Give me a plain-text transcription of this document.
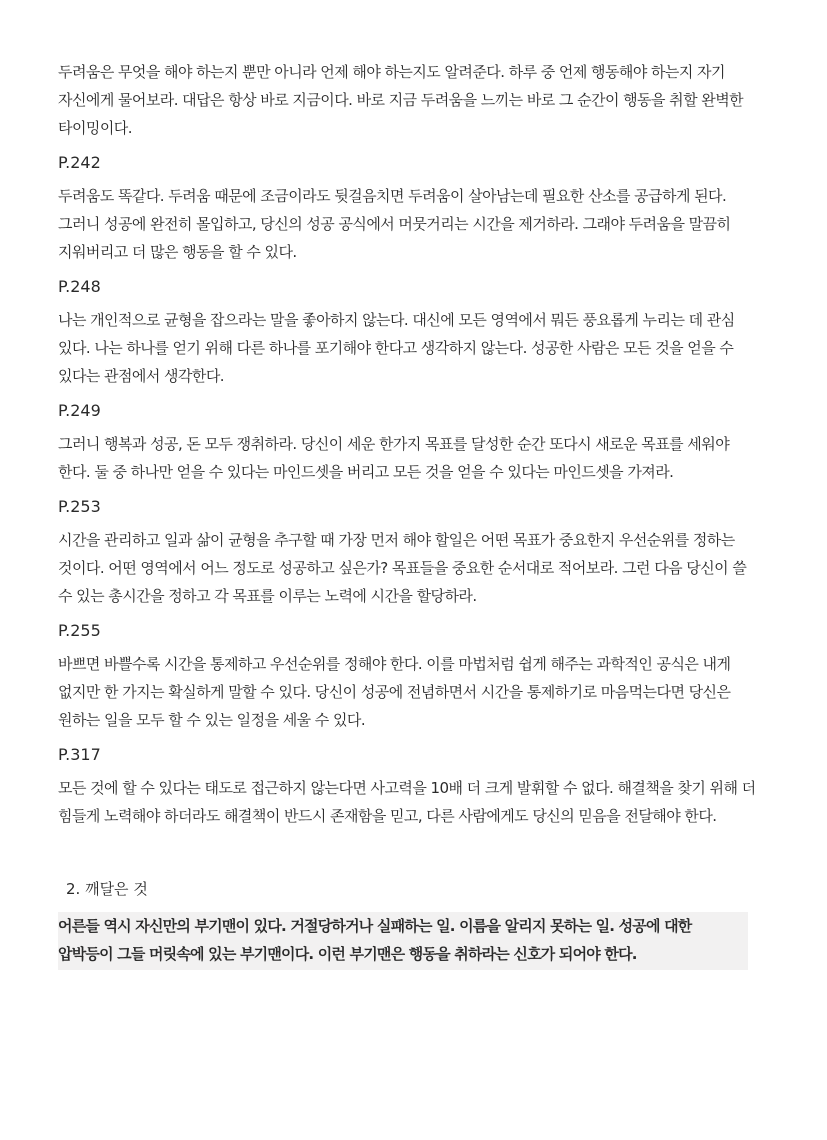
두려움은 무엇을 해야 하는지 뿐만 아니라 언제 해야 하는지도 알려준다. 하루 중 언제 행동해야 하는지 자기 자신에게 물어보라. 대답은 항상 바로 지금이다. 바로 지금 두려움을 느끼는 바로 그 순간이 행동을 취할 완벽한 타이밍이다.

P.242

두려움도 똑같다. 두려움 때문에 조금이라도 뒷걸음치면 두려움이 살아남는데 필요한 산소를 공급하게 된다. 그러니 성공에 완전히 몰입하고, 당신의 성공 공식에서 머뭇거리는 시간을 제거하라. 그래야 두려움을 말끔히 지워버리고 더 많은 행동을 할 수 있다.

P.248

나는 개인적으로 균형을 잡으라는 말을 좋아하지 않는다. 대신에 모든 영역에서 뭐든 풍요롭게 누리는 데 관심 있다. 나는 하나를 얻기 위해 다른 하나를 포기해야 한다고 생각하지 않는다. 성공한 사람은 모든 것을 얻을 수 있다는 관점에서 생각한다.

P.249

그러니 행복과 성공, 돈 모두 쟁취하라. 당신이 세운 한가지 목표를 달성한 순간 또다시 새로운 목표를 세워야 한다. 둘 중 하나만 얻을 수 있다는 마인드셋을 버리고 모든 것을 얻을 수 있다는 마인드셋을 가져라.

P.253

시간을 관리하고 일과 삶이 균형을 추구할 때 가장 먼저 해야 할일은 어떤 목표가 중요한지 우선순위를 정하는 것이다. 어떤 영역에서 어느 정도로 성공하고 싶은가? 목표들을 중요한 순서대로 적어보라. 그런 다음 당신이 쓸 수 있는 총시간을 정하고 각 목표를 이루는 노력에 시간을 할당하라.

P.255

바쁘면 바쁠수록 시간을 통제하고 우선순위를 정해야 한다. 이를 마법처럼 쉽게 해주는 과학적인 공식은 내게 없지만 한 가지는 확실하게 말할 수 있다. 당신이 성공에 전념하면서 시간을 통제하기로 마음먹는다면 당신은 원하는 일을 모두 할 수 있는 일정을 세울 수 있다.

P.317

모든 것에 할 수 있다는 태도로 접근하지 않는다면 사고력을 10배 더 크게 발휘할 수 없다. 해결책을 찾기 위해 더 힘들게 노력해야 하더라도 해결책이 반드시 존재함을 믿고, 다른 사람에게도 당신의 믿음을 전달해야 한다.

2. 깨달은 것

어른들 역시 자신만의 부기맨이 있다. 거절당하거나 실패하는 일. 이름을 알리지 못하는 일. 성공에 대한 압박등이 그들 머릿속에 있는 부기맨이다. 이런 부기맨은 행동을 취하라는 신호가 되어야 한다.
